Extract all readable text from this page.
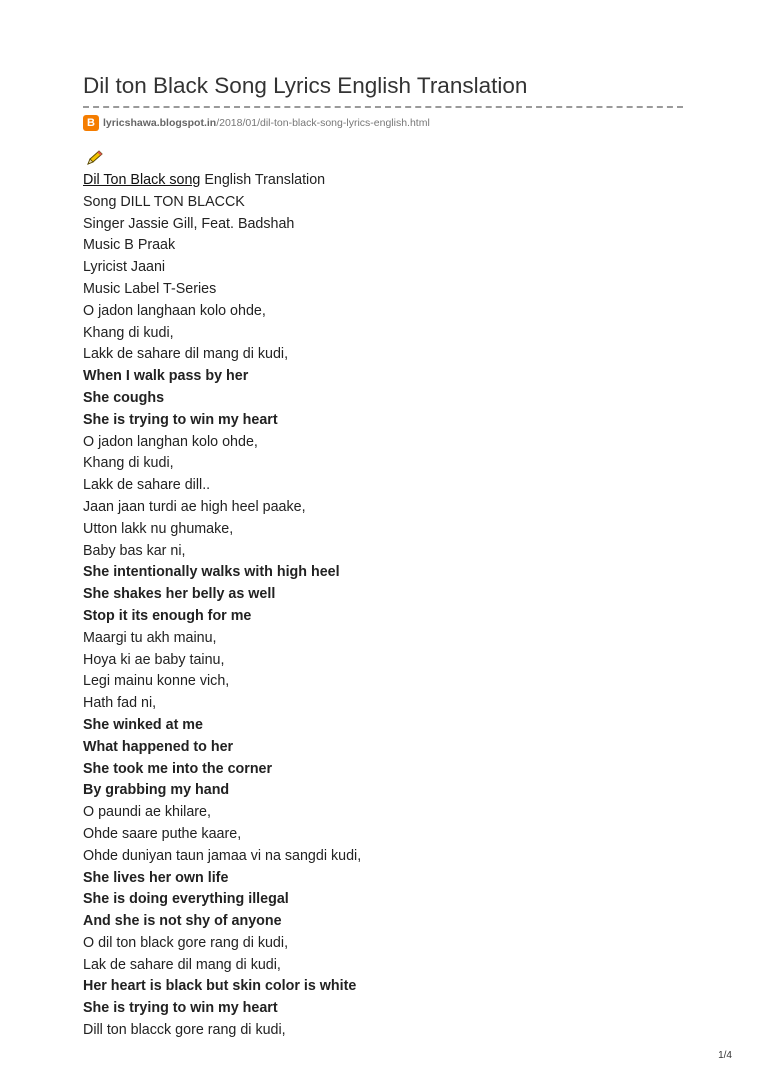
Dil ton Black Song Lyrics English Translation
B lyricshawa.blogspot.in /2018/01/dil-ton-black-song-lyrics-english.html
Dil Ton Black song English Translation
Song DILL TON BLACCK
Singer Jassie Gill, Feat. Badshah
Music B Praak
Lyricist Jaani
Music Label T-Series
O jadon langhaan kolo ohde,
Khang di kudi,
Lakk de sahare dil mang di kudi,
When I walk pass by her
She coughs
She is trying to win my heart
O jadon langhan kolo ohde,
Khang di kudi,
Lakk de sahare dill..
Jaan jaan turdi ae high heel paake,
Utton lakk nu ghumake,
Baby bas kar ni,
She intentionally walks with high heel
She shakes her belly as well
Stop it its enough for me
Maargi tu akh mainu,
Hoya ki ae baby tainu,
Legi mainu konne vich,
Hath fad ni,
She winked at me
What happened to her
She took me into the corner
By grabbing my hand
O paundi ae khilare,
Ohde saare puthe kaare,
Ohde duniyan taun jamaa vi na sangdi kudi,
She lives her own life
She is doing everything illegal
And she is not shy of anyone
O dil ton black gore rang di kudi,
Lak de sahare dil mang di kudi,
Her heart is black but skin color is white
She is trying to win my heart
Dill ton blacck gore rang di kudi,
1/4
